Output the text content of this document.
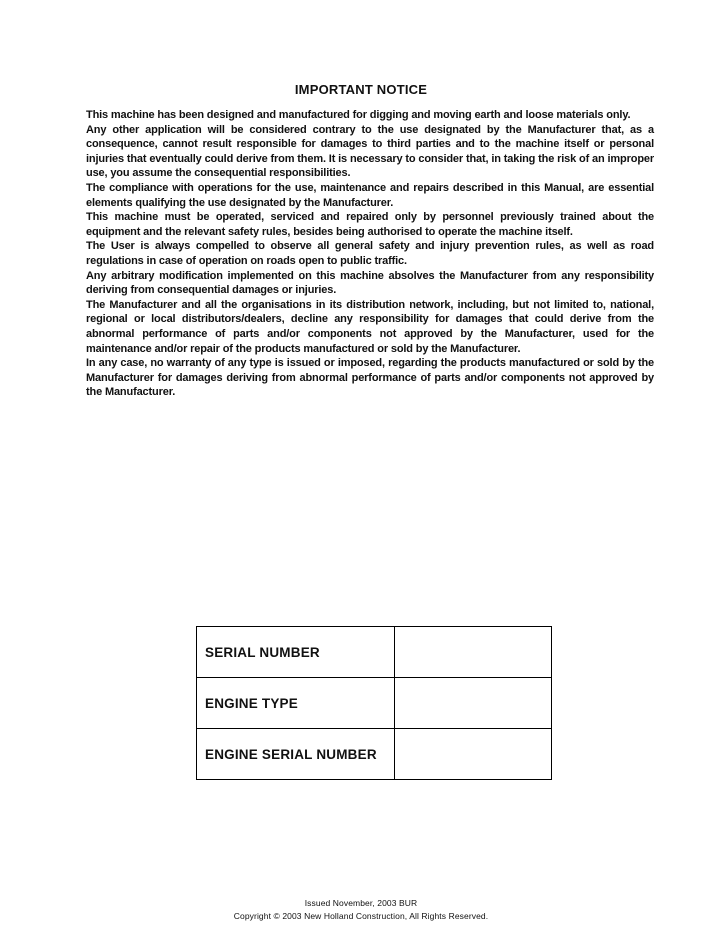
IMPORTANT NOTICE

This machine has been designed and manufactured for digging and moving earth and loose materials only.

Any other application will be considered contrary to the use designated by the Manufacturer that, as a consequence, cannot result responsible for damages to third parties and to the machine itself or personal injuries that eventually could derive from them. It is necessary to consider that, in taking the risk of an improper use, you assume the consequential responsibilities.

The compliance with operations for the use, maintenance and repairs described in this Manual, are essential elements qualifying the use designated by the Manufacturer.

This machine must be operated, serviced and repaired only by personnel previously trained about the equipment and the relevant safety rules, besides being authorised to operate the machine itself.

The User is always compelled to observe all general safety and injury prevention rules, as well as road regulations in case of operation on roads open to public traffic.

Any arbitrary modification implemented on this machine absolves the Manufacturer from any responsibility deriving from consequential damages or injuries.

The Manufacturer and all the organisations in its distribution network, including, but not limited to, national, regional or local distributors/dealers, decline any responsibility for damages that could derive from the abnormal performance of parts and/or components not approved by the Manufacturer, used for the maintenance and/or repair of the products manufactured or sold by the Manufacturer.

In any case, no warranty of any type is issued or imposed, regarding the products manufactured or sold by the Manufacturer for damages deriving from abnormal performance of parts and/or components not approved by the Manufacturer.

SERIAL NUMBER	
ENGINE TYPE	
ENGINE SERIAL NUMBER	
Issued November, 2003 BUR
Copyright © 2003 New Holland Construction, All Rights Reserved.
